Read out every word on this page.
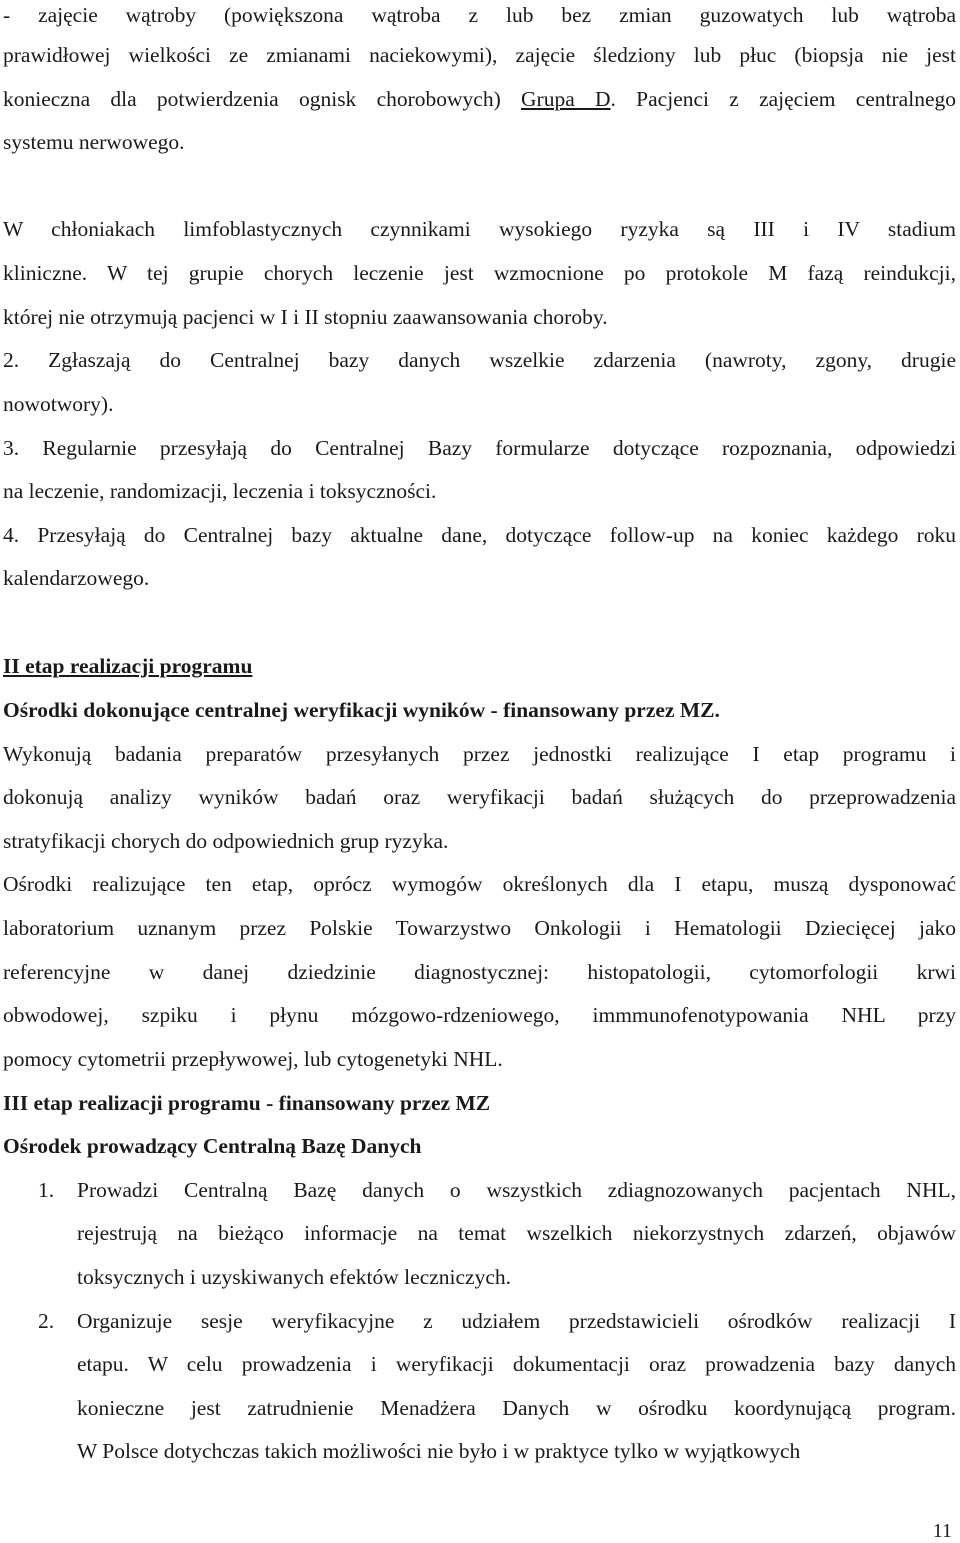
- zajęcie wątroby (powiększona wątroba z lub bez zmian guzowatych lub wątroba
prawidłowej wielkości ze zmianami naciekowymi), zajęcie śledziony lub płuc (biopsja nie jest
konieczna dla potwierdzenia ognisk chorobowych) Grupa D. Pacjenci z zajęciem centralnego
systemu nerwowego.
W chłoniakach limfoblastycznych czynnikami wysokiego ryzyka są III i IV stadium
kliniczne. W tej grupie chorych leczenie jest wzmocnione po protokole M fazą reindukcji,
której nie otrzymują pacjenci w I i II stopniu zaawansowania choroby.
2. Zgłaszają do Centralnej bazy danych wszelkie zdarzenia (nawroty, zgony, drugie
nowotwory).
3. Regularnie przesyłają do Centralnej Bazy formularze dotyczące rozpoznania, odpowiedzi
na leczenie, randomizacji, leczenia i toksyczności.
4. Przesyłają do Centralnej bazy aktualne dane, dotyczące follow-up na koniec każdego roku
kalendarzowego.
II etap realizacji programu
Ośrodki dokonujące centralnej weryfikacji wyników - finansowany przez MZ.
Wykonują badania preparatów przesyłanych przez jednostki realizujące I etap programu i
dokonują analizy wyników badań oraz weryfikacji badań służących do przeprowadzenia
stratyfikacji chorych do odpowiednich grup ryzyka.
Ośrodki realizujące ten etap, oprócz wymogów określonych dla I etapu, muszą dysponować
laboratorium uznanym przez Polskie Towarzystwo Onkologii i Hematologii Dziecięcej jako
referencyjne w danej dziedzinie diagnostycznej: histopatologii, cytomorfologii krwi
obwodowej, szpiku i płynu mózgowo-rdzeniowego, immmunofenotypowania NHL przy
pomocy cytometrii przepływowej, lub cytogenetyki NHL.
III etap realizacji programu - finansowany przez MZ
Ośrodek prowadzący Centralną Bazę Danych
1. Prowadzi Centralną Bazę danych o wszystkich zdiagnozowanych pacjentach NHL,
rejestrują na bieżąco informacje na temat wszelkich niekorzystnych zdarzeń, objawów
toksycznych i uzyskiwanych efektów leczniczych.
2. Organizuje sesje weryfikacyjne z udziałem przedstawicieli ośrodków realizacji I
etapu. W celu prowadzenia i weryfikacji dokumentacji oraz prowadzenia bazy danych
konieczne jest zatrudnienie Menadżera Danych w ośrodku koordynującą program.
W Polsce dotychczas takich możliwości nie było i w praktyce tylko w wyjątkowych
11
